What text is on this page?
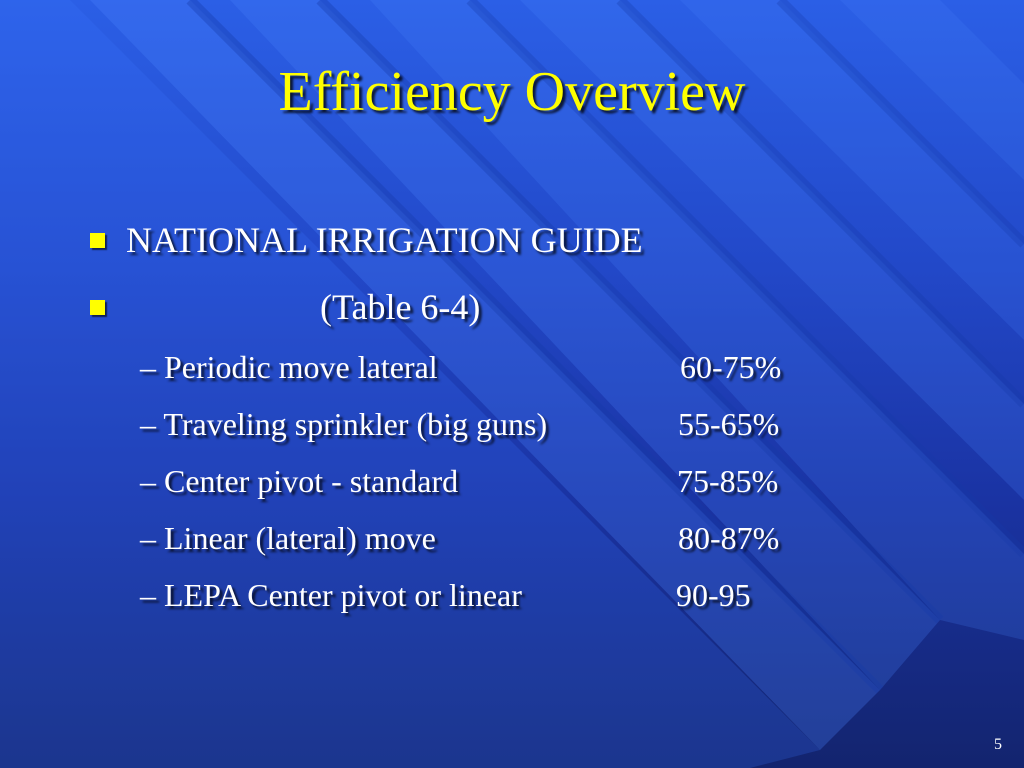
Efficiency Overview
NATIONAL IRRIGATION GUIDE
(Table 6-4)
– Periodic move lateral	60-75%
– Traveling sprinkler (big guns)	55-65%
– Center pivot - standard	75-85%
– Linear (lateral) move	80-87%
– LEPA Center pivot or linear	90-95
5
